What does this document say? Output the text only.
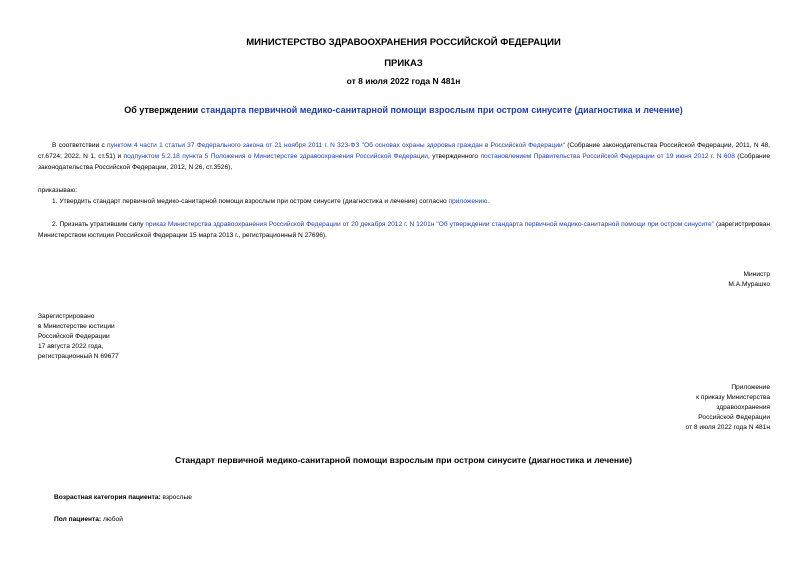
МИНИСТЕРСТВО ЗДРАВООХРАНЕНИЯ РОССИЙСКОЙ ФЕДЕРАЦИИ
ПРИКАЗ
от 8 июля 2022 года N 481н
Об утверждении стандарта первичной медико-санитарной помощи взрослым при остром синусите (диагностика и лечение)
В соответствии с пунктом 4 части 1 статьи 37 Федерального закона от 21 ноября 2011 г. N 323-ФЗ "Об основах охраны здоровья граждан в Российской Федерации" (Собрание законодательства Российской Федерации, 2011, N 48, ст.6724; 2022, N 1, ст.51) и подпунктом 5.2.18 пункта 5 Положения о Министерстве здравоохранения Российской Федерации, утвержденного постановлением Правительства Российской Федерации от 19 июня 2012 г. N 608 (Собрание законодательства Российской Федерации, 2012, N 26, ст.3526),
приказываю:
1. Утвердить стандарт первичной медико-санитарной помощи взрослым при остром синусите (диагностика и лечение) согласно приложению.
2. Признать утратившим силу приказ Министерства здравоохранения Российской Федерации от 20 декабря 2012 г. N 1201н "Об утверждении стандарта первичной медико-санитарной помощи при остром синусите" (зарегистрирован Министерством юстиции Российской Федерации 15 марта 2013 г., регистрационный N 27696).
Министр
М.А.Мурашко
Зарегистрировано
в Министерстве юстиции
Российской Федерации
17 августа 2022 года,
регистрационный N 69677
Приложение
к приказу Министерства
здравоохранения
Российской Федерации
от 8 июля 2022 года N 481н
Стандарт первичной медико-санитарной помощи взрослым при остром синусите (диагностика и лечение)
Возрастная категория пациента: взрослые
Пол пациента: любой
